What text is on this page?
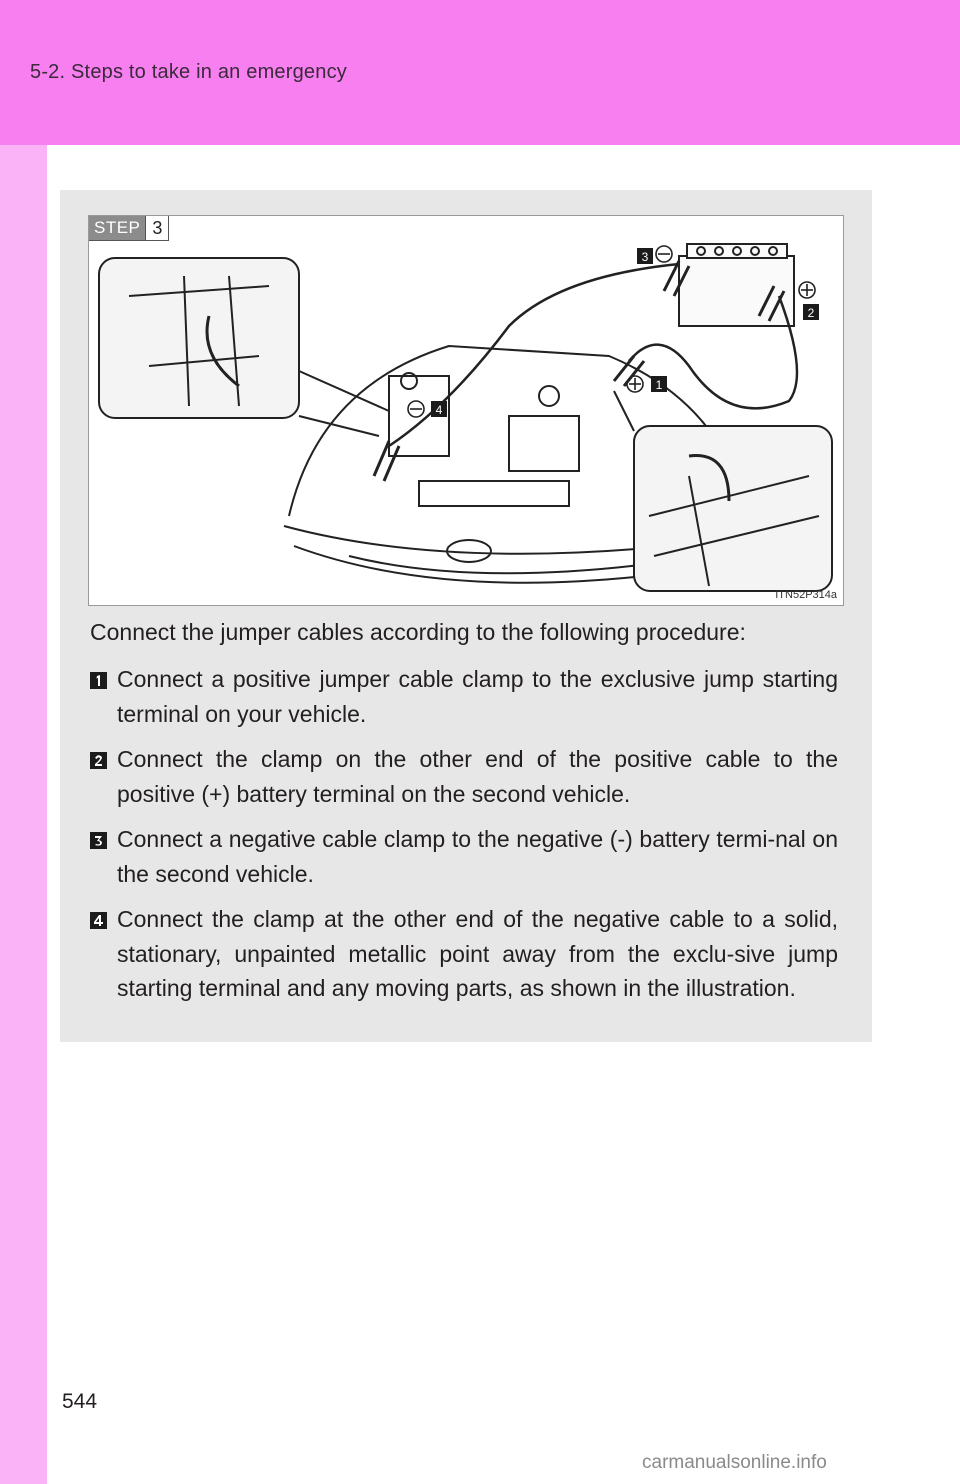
5-2. Steps to take in an emergency
3
2
1
4
STEP 3
ITN52P314a
Connect the jumper cables according to the following procedure:
Connect a positive jumper cable clamp to the exclusive jump starting terminal on your vehicle.
Connect the clamp on the other end of the positive cable to the positive (+) battery terminal on the second vehicle.
Connect a negative cable clamp to the negative (-) battery termi-nal on the second vehicle.
Connect the clamp at the other end of the negative cable to a solid, stationary, unpainted metallic point away from the exclu-sive jump starting terminal and any moving parts, as shown in the illustration.
544
carmanualsonline.info
